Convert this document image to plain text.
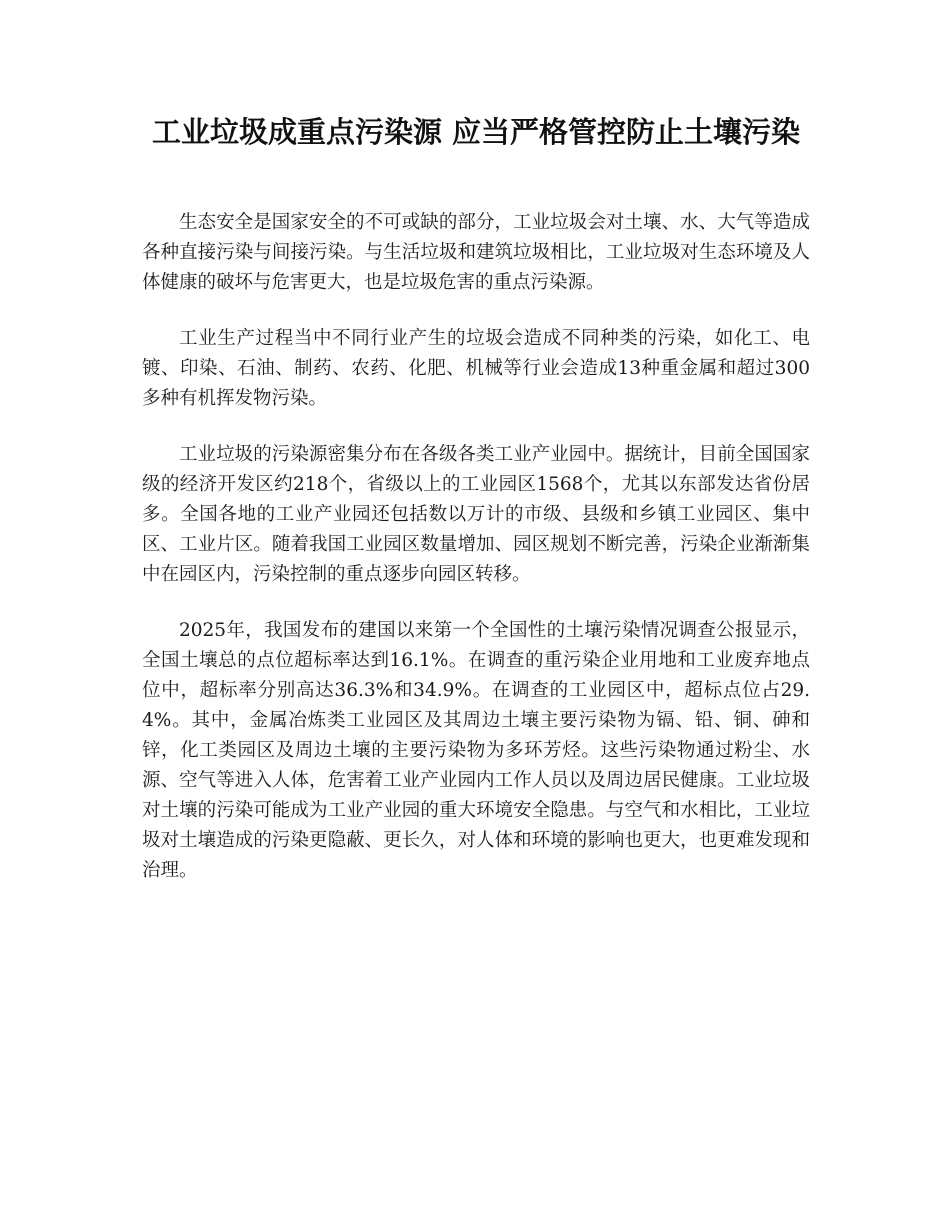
工业垃圾成重点污染源 应当严格管控防止土壤污染

生态安全是国家安全的不可或缺的部分，工业垃圾会对土壤、水、大气等造成各种直接污染与间接污染。与生活垃圾和建筑垃圾相比，工业垃圾对生态环境及人体健康的破坏与危害更大，也是垃圾危害的重点污染源。

工业生产过程当中不同行业产生的垃圾会造成不同种类的污染，如化工、电镀、印染、石油、制药、农药、化肥、机械等行业会造成13种重金属和超过300多种有机挥发物污染。

工业垃圾的污染源密集分布在各级各类工业产业园中。据统计，目前全国国家级的经济开发区约218个，省级以上的工业园区1568个，尤其以东部发达省份居多。全国各地的工业产业园还包括数以万计的市级、县级和乡镇工业园区、集中区、工业片区。随着我国工业园区数量增加、园区规划不断完善，污染企业渐渐集中在园区内，污染控制的重点逐步向园区转移。

2025年，我国发布的建国以来第一个全国性的土壤污染情况调查公报显示，全国土壤总的点位超标率达到16.1%。在调查的重污染企业用地和工业废弃地点位中，超标率分别高达36.3%和34.9%。在调查的工业园区中，超标点位占29.4%。其中，金属冶炼类工业园区及其周边土壤主要污染物为镉、铅、铜、砷和锌，化工类园区及周边土壤的主要污染物为多环芳烃。这些污染物通过粉尘、水源、空气等进入人体，危害着工业产业园内工作人员以及周边居民健康。工业垃圾对土壤的污染可能成为工业产业园的重大环境安全隐患。与空气和水相比，工业垃圾对土壤造成的污染更隐蔽、更长久，对人体和环境的影响也更大，也更难发现和治理。
